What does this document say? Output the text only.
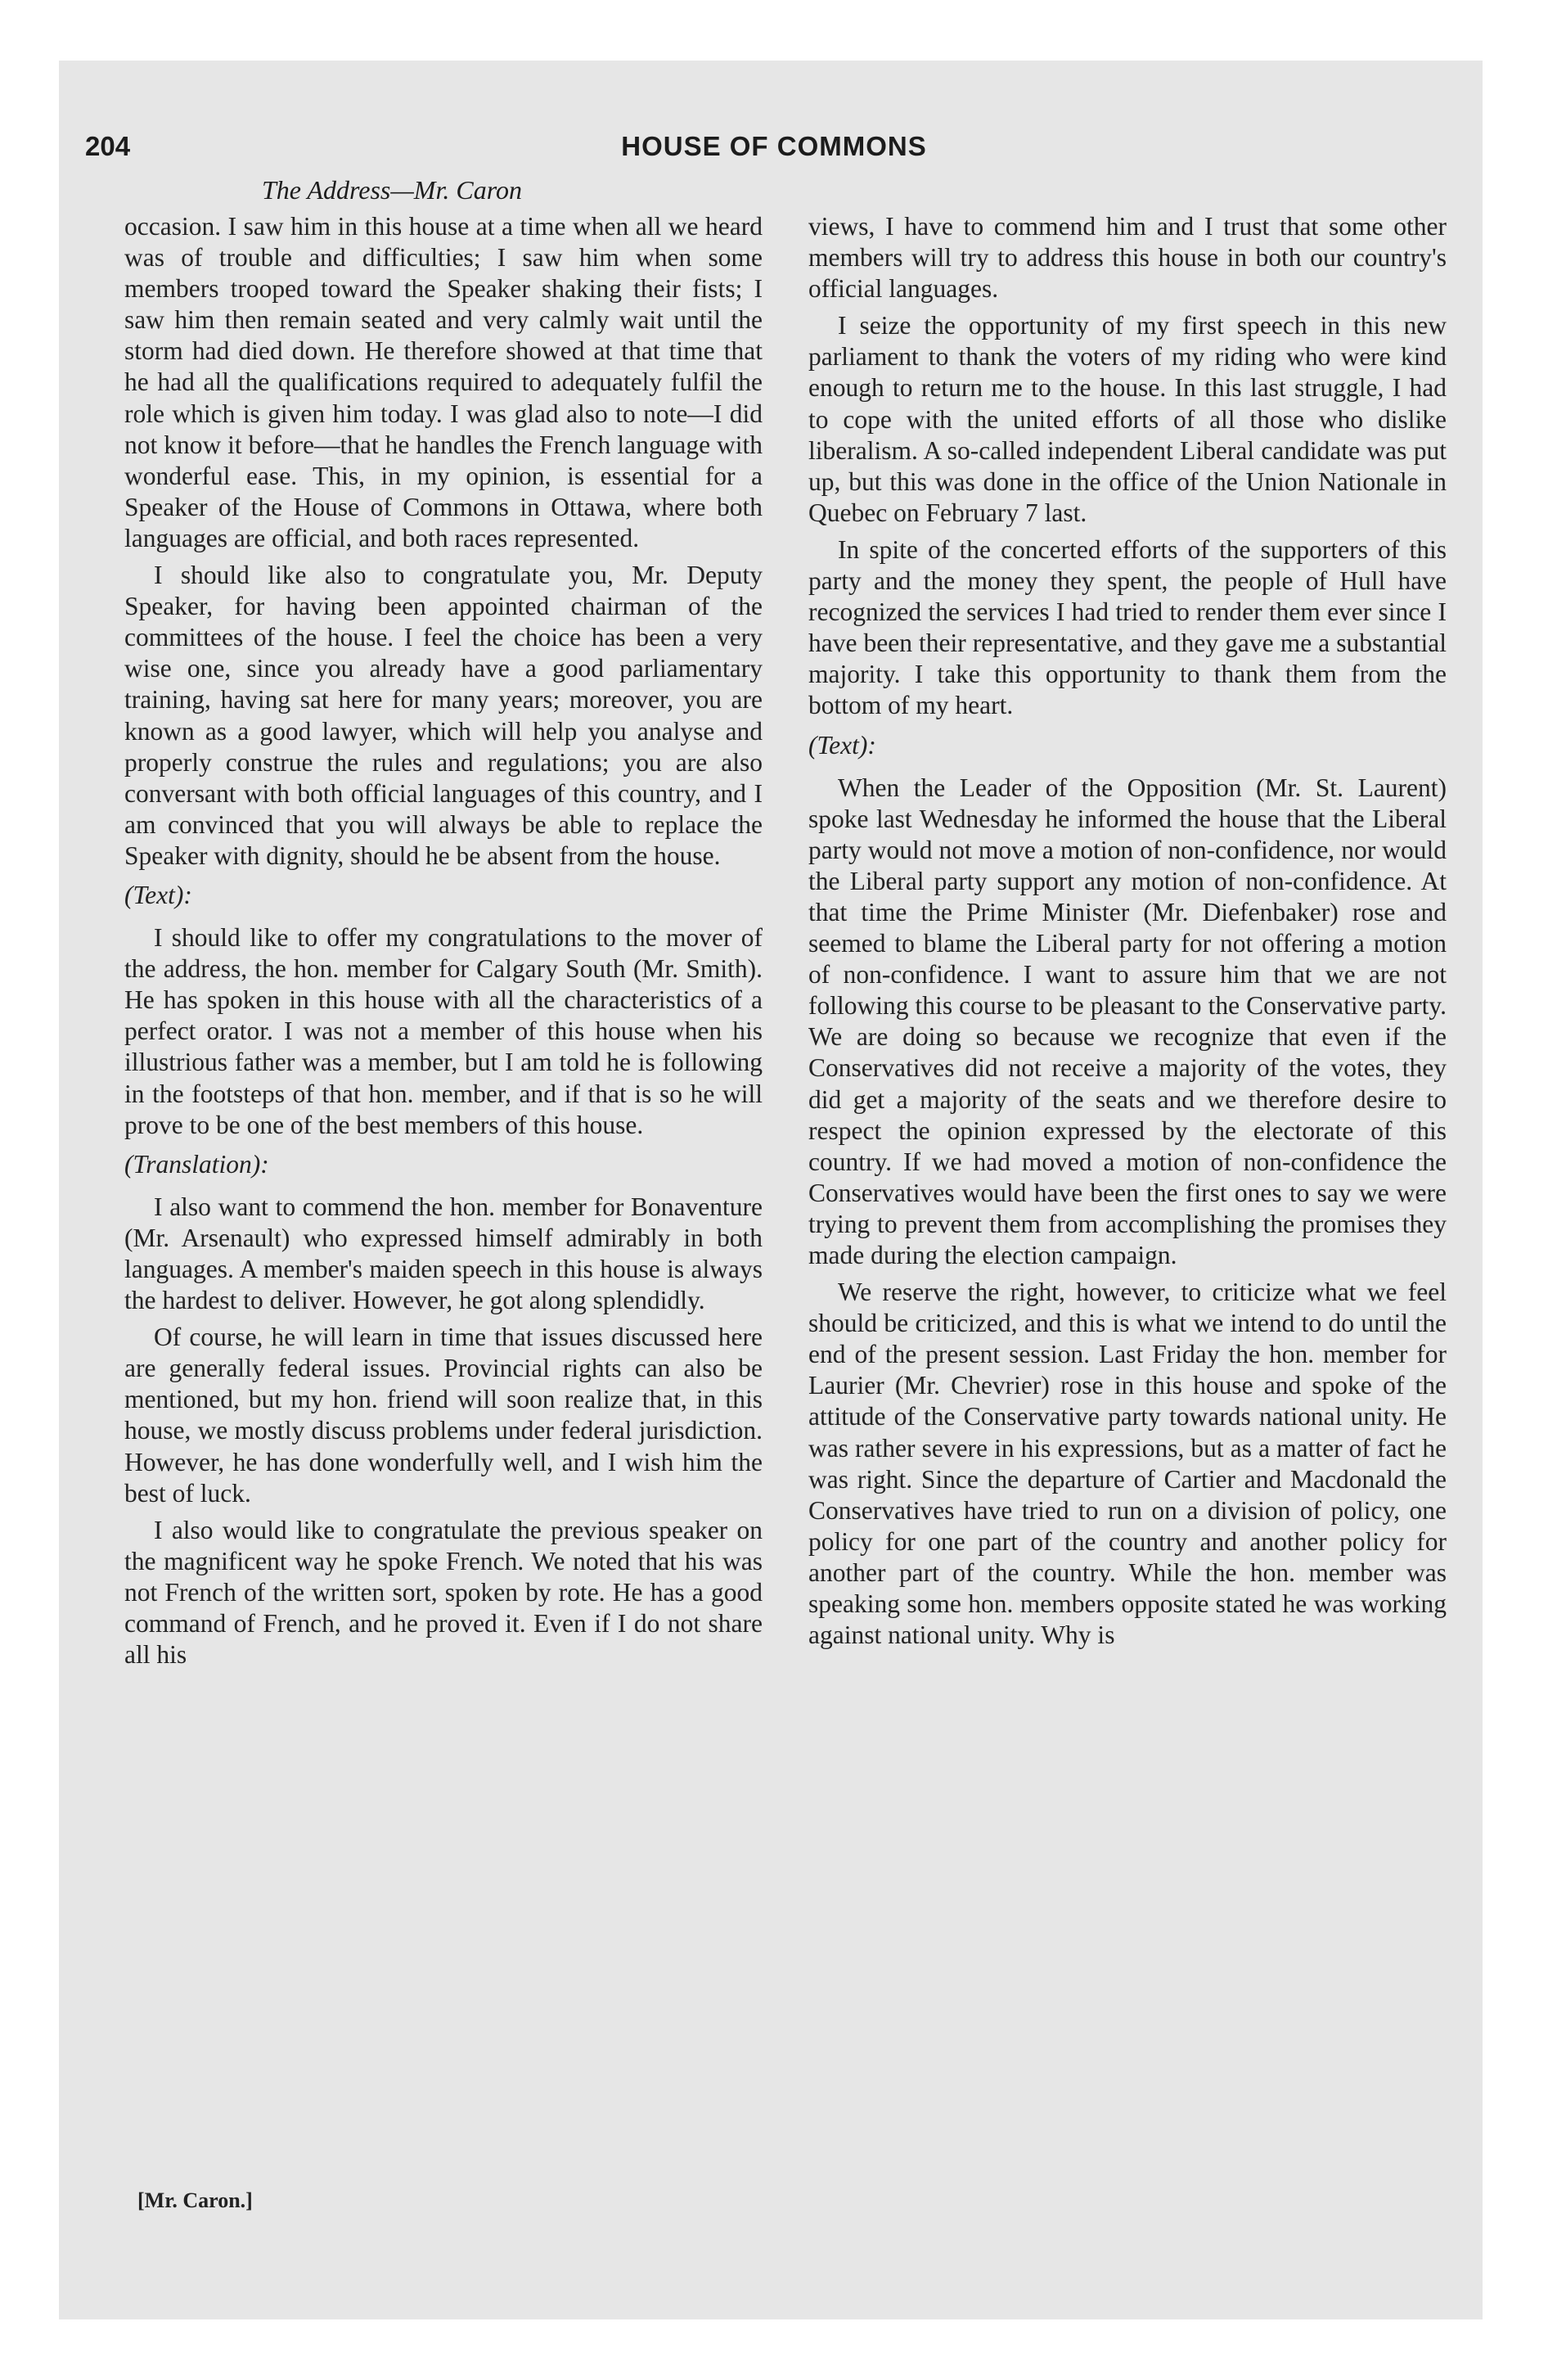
204	HOUSE OF COMMONS
The Address—Mr. Caron

occasion. I saw him in this house at a time when all we heard was of trouble and difficulties; I saw him when some members trooped toward the Speaker shaking their fists; I saw him then remain seated and very calmly wait until the storm had died down. He therefore showed at that time that he had all the qualifications required to adequately fulfil the role which is given him today. I was glad also to note—I did not know it before—that he handles the French language with wonderful ease. This, in my opinion, is essential for a Speaker of the House of Commons in Ottawa, where both languages are official, and both races represented.

I should like also to congratulate you, Mr. Deputy Speaker, for having been appointed chairman of the committees of the house. I feel the choice has been a very wise one, since you already have a good parliamentary training, having sat here for many years; moreover, you are known as a good lawyer, which will help you analyse and properly construe the rules and regulations; you are also conversant with both official languages of this country, and I am convinced that you will always be able to replace the Speaker with dignity, should he be absent from the house.

(Text):

I should like to offer my congratulations to the mover of the address, the hon. member for Calgary South (Mr. Smith). He has spoken in this house with all the characteristics of a perfect orator. I was not a member of this house when his illustrious father was a member, but I am told he is following in the footsteps of that hon. member, and if that is so he will prove to be one of the best members of this house.

(Translation):

I also want to commend the hon. member for Bonaventure (Mr. Arsenault) who expressed himself admirably in both languages. A member's maiden speech in this house is always the hardest to deliver. However, he got along splendidly.

Of course, he will learn in time that issues discussed here are generally federal issues. Provincial rights can also be mentioned, but my hon. friend will soon realize that, in this house, we mostly discuss problems under federal jurisdiction. However, he has done wonderfully well, and I wish him the best of luck.

I also would like to congratulate the previous speaker on the magnificent way he spoke French. We noted that his was not French of the written sort, spoken by rote. He has a good command of French, and he proved it. Even if I do not share all his

views, I have to commend him and I trust that some other members will try to address this house in both our country's official languages.

I seize the opportunity of my first speech in this new parliament to thank the voters of my riding who were kind enough to return me to the house. In this last struggle, I had to cope with the united efforts of all those who dislike liberalism. A so-called independent Liberal candidate was put up, but this was done in the office of the Union Nationale in Quebec on February 7 last.

In spite of the concerted efforts of the supporters of this party and the money they spent, the people of Hull have recognized the services I had tried to render them ever since I have been their representative, and they gave me a substantial majority. I take this opportunity to thank them from the bottom of my heart.

(Text):

When the Leader of the Opposition (Mr. St. Laurent) spoke last Wednesday he informed the house that the Liberal party would not move a motion of non-confidence, nor would the Liberal party support any motion of non-confidence. At that time the Prime Minister (Mr. Diefenbaker) rose and seemed to blame the Liberal party for not offering a motion of non-confidence. I want to assure him that we are not following this course to be pleasant to the Conservative party. We are doing so because we recognize that even if the Conservatives did not receive a majority of the votes, they did get a majority of the seats and we therefore desire to respect the opinion expressed by the electorate of this country. If we had moved a motion of non-confidence the Conservatives would have been the first ones to say we were trying to prevent them from accomplishing the promises they made during the election campaign.

We reserve the right, however, to criticize what we feel should be criticized, and this is what we intend to do until the end of the present session. Last Friday the hon. member for Laurier (Mr. Chevrier) rose in this house and spoke of the attitude of the Conservative party towards national unity. He was rather severe in his expressions, but as a matter of fact he was right. Since the departure of Cartier and Macdonald the Conservatives have tried to run on a division of policy, one policy for one part of the country and another policy for another part of the country. While the hon. member was speaking some hon. members opposite stated he was working against national unity. Why is

[Mr. Caron.]
